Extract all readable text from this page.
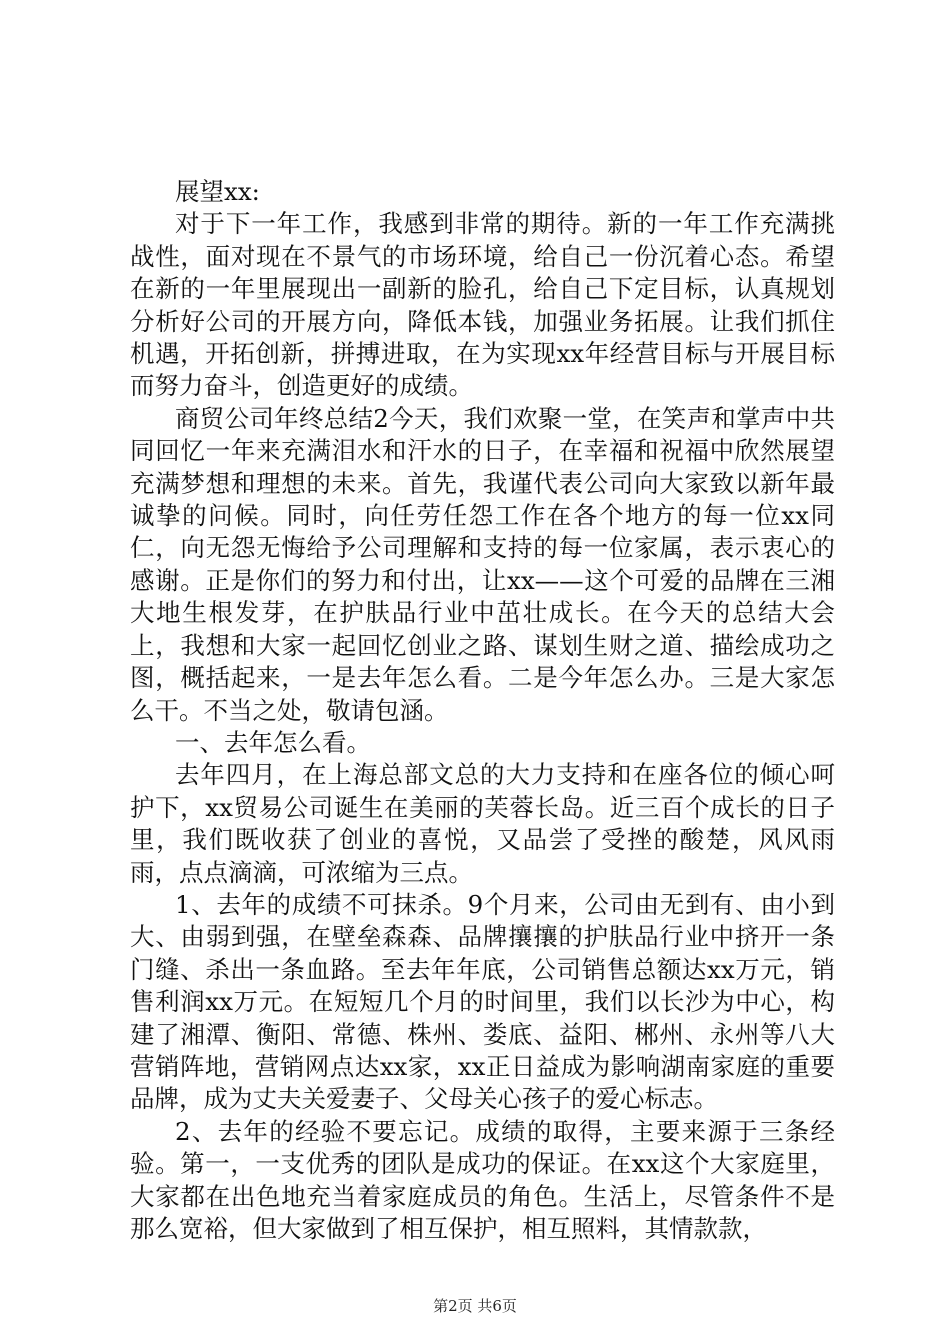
展望xx:

对于下一年工作，我感到非常的期待。新的一年工作充满挑战性，面对现在不景气的市场环境，给自己一份沉着心态。希望在新的一年里展现出一副新的脸孔，给自己下定目标，认真规划分析好公司的开展方向，降低本钱，加强业务拓展。让我们抓住机遇，开拓创新，拼搏进取，在为实现xx年经营目标与开展目标而努力奋斗，创造更好的成绩。

商贸公司年终总结2今天，我们欢聚一堂，在笑声和掌声中共同回忆一年来充满泪水和汗水的日子，在幸福和祝福中欣然展望充满梦想和理想的未来。首先，我谨代表公司向大家致以新年最诚挚的问候。同时，向任劳任怨工作在各个地方的每一位xx同仁，向无怨无悔给予公司理解和支持的每一位家属，表示衷心的感谢。正是你们的努力和付出，让xx——这个可爱的品牌在三湘大地生根发芽，在护肤品行业中茁壮成长。在今天的总结大会上，我想和大家一起回忆创业之路、谋划生财之道、描绘成功之图，概括起来，一是去年怎么看。二是今年怎么办。三是大家怎么干。不当之处，敬请包涵。

一、去年怎么看。

去年四月，在上海总部文总的大力支持和在座各位的倾心呵护下，xx贸易公司诞生在美丽的芙蓉长岛。近三百个成长的日子里，我们既收获了创业的喜悦，又品尝了受挫的酸楚，风风雨雨，点点滴滴，可浓缩为三点。

1、去年的成绩不可抹杀。9个月来，公司由无到有、由小到大、由弱到强，在壁垒森森、品牌攘攘的护肤品行业中挤开一条门缝、杀出一条血路。至去年年底，公司销售总额达xx万元，销售利润xx万元。在短短几个月的时间里，我们以长沙为中心，构建了湘潭、衡阳、常德、株州、娄底、益阳、郴州、永州等八大营销阵地，营销网点达xx家，xx正日益成为影响湖南家庭的重要品牌，成为丈夫关爱妻子、父母关心孩子的爱心标志。

2、去年的经验不要忘记。成绩的取得，主要来源于三条经验。第一，一支优秀的团队是成功的保证。在xx这个大家庭里，大家都在出色地充当着家庭成员的角色。生活上，尽管条件不是那么宽裕，但大家做到了相互保护，相互照料，其情款款，

第2页 共6页
